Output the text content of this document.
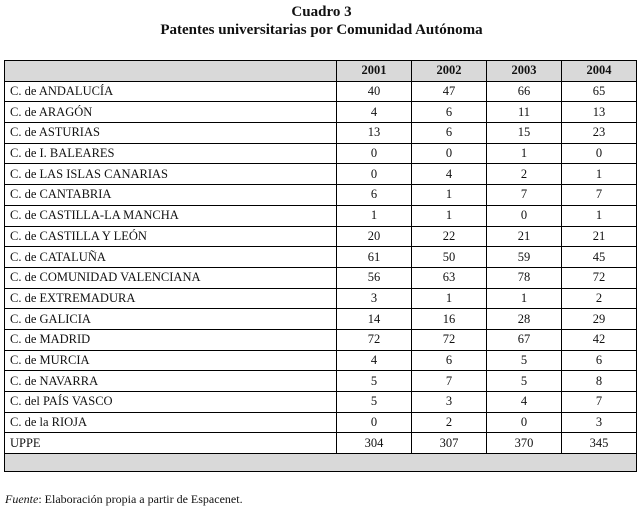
Cuadro 3
Patentes universitarias por Comunidad Autónoma
	2001	2002	2003	2004
C. de ANDALUCÍA	40	47	66	65
C. de ARAGÓN	4	6	11	13
C. de ASTURIAS	13	6	15	23
C. de I. BALEARES	0	0	1	0
C. de LAS ISLAS CANARIAS	0	4	2	1
C. de CANTABRIA	6	1	7	7
C. de CASTILLA-LA MANCHA	1	1	0	1
C. de CASTILLA Y LEÓN	20	22	21	21
C. de CATALUÑA	61	50	59	45
C. de COMUNIDAD VALENCIANA	56	63	78	72
C. de EXTREMADURA	3	1	1	2
C. de GALICIA	14	16	28	29
C. de MADRID	72	72	67	42
C. de MURCIA	4	6	5	6
C. de NAVARRA	5	7	5	8
C. del PAÍS VASCO	5	3	4	7
C. de la RIOJA	0	2	0	3
UPPE	304	307	370	345

Fuente: Elaboración propia a partir de Espacenet.
